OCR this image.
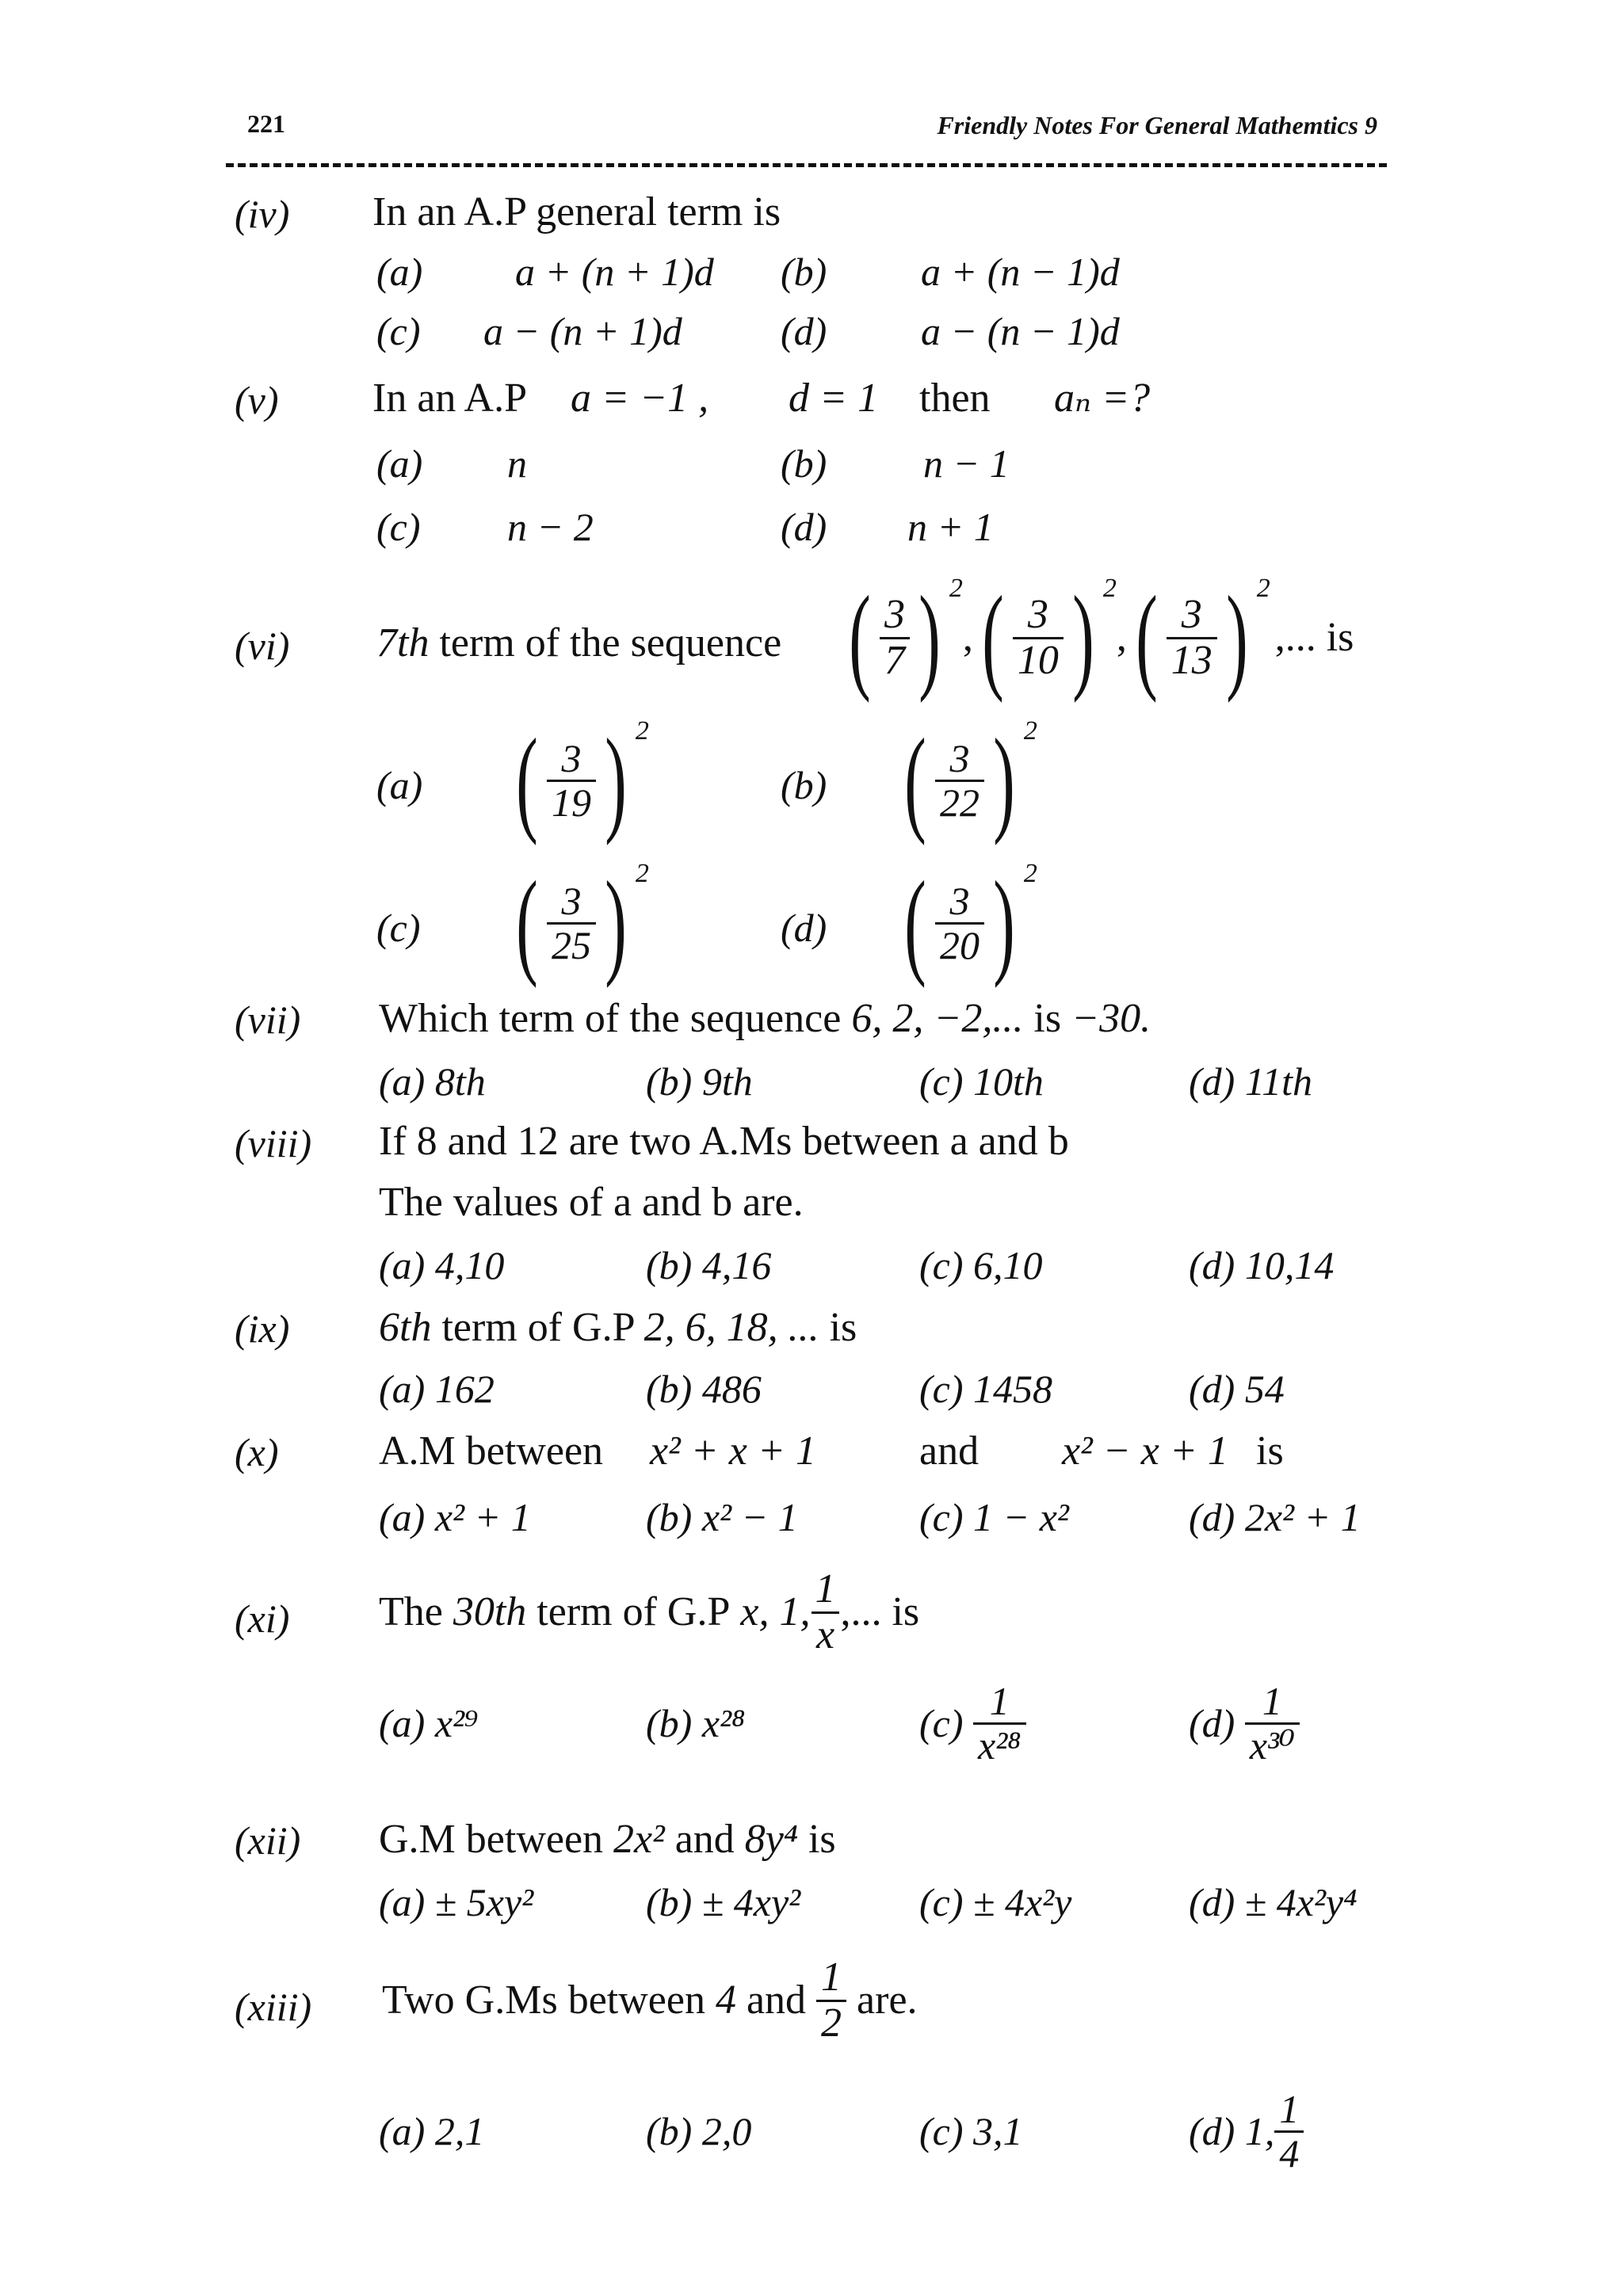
221	Friendly Notes For General Mathemtics 9
(iv) In an A.P general term is
(a) a + (n + 1)d (b) a + (n − 1)d
(c) a − (n + 1)d (d) a − (n − 1)d
(v) In an A.P a = −1 , d = 1 then aₙ =?
(a) n	(b) n − 1
(c) n − 2	(d) n + 1
(vi) 7th term of the sequence ( $\frac{3}{7}$ ) 2
, ( $\frac{3}{10}$ ) 2
, ( $\frac{3}{13}$ ) 2
,... is
(a) ( $\frac{3}{19}$ ) 2
(b) ( $\frac{3}{22}$ ) 2
(c) ( $\frac{3}{25}$ ) 2
(d) ( $\frac{3}{20}$ ) 2
(vii) Which term of the sequence 6, 2, −2,... is −30.
(a) 8th	(b) 9th	(c) 10th	(d) 11th
(viii) If 8 and 12 are two A.Ms between a and b
The values of a and b are.
(a) 4,10	(b) 4,16	(c) 6,10	(d) 10,14
(ix) 6th term of G.P 2, 6, 18, ... is
(a) 162	(b) 486	(c) 1458	(d) 54
(x) A.M between x² + x + 1	and x² − x + 1 is
(a) x² + 1	(b) x² − 1	(c) 1 − x²	(d) 2x² + 1
(xi) The
30th
term of G.P
x, 1, $\frac{1}{x}$ ,... is
(a) x²⁹	(b) x²⁸	(c)
$\frac{1}{\text{x²⁸}}$	(d)
$\frac{1}{\text{x³⁰}}$
(xii) G.M between 2x² and 8y⁴ is
(a) ± 5xy²	(b) ± 4xy²	(c) ± 4x²y	(d) ± 4x²y⁴
(xiii) Two G.Ms between
4
and
$\frac{1}{2}$
are.
(a) 2,1	(b) 2,0	(c) 3,1	(d)
1, $\frac{1}{4}$
